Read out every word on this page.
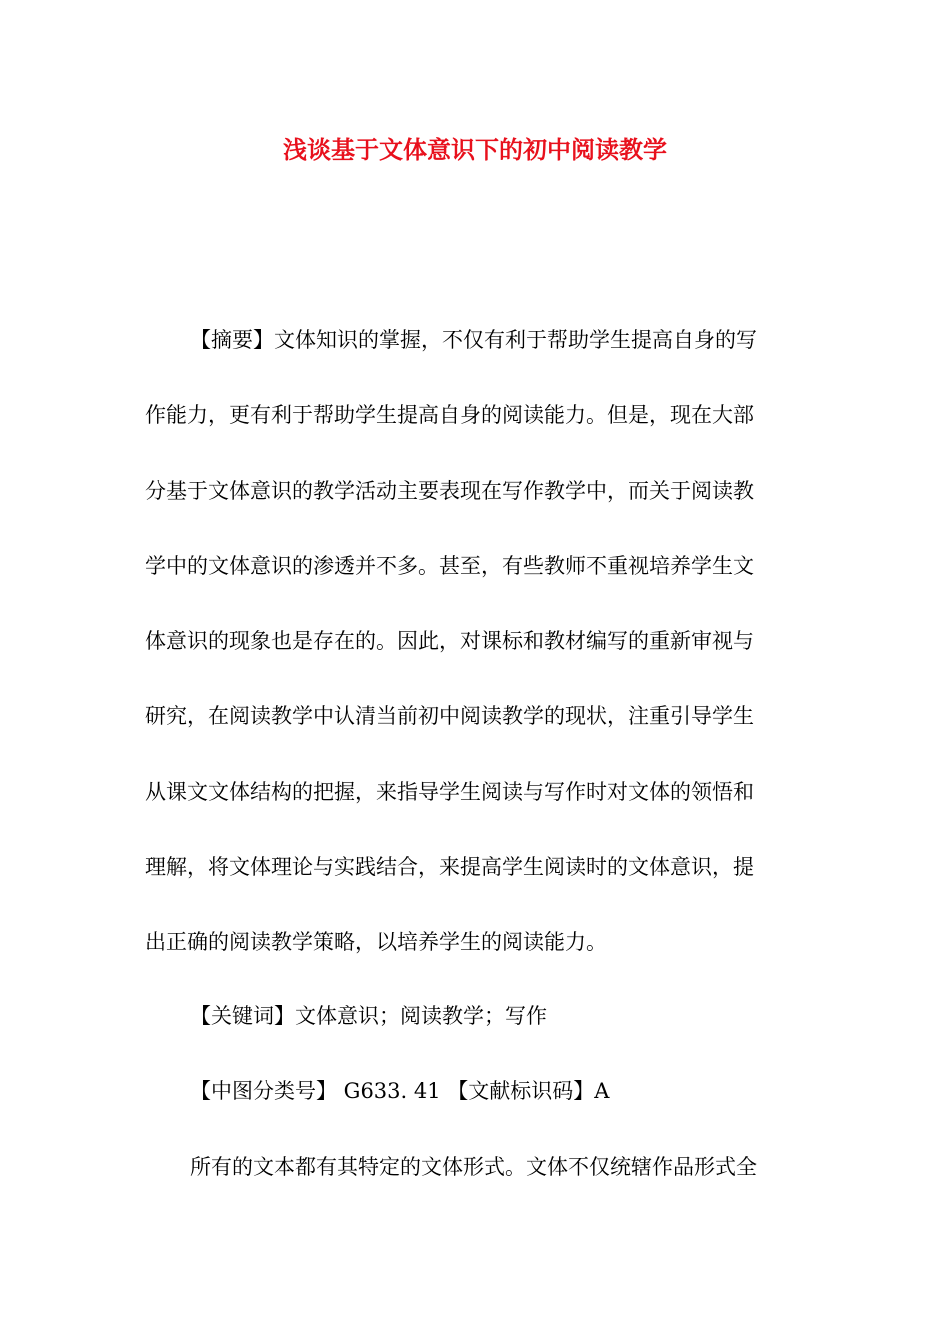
浅谈基于文体意识下的初中阅读教学

【摘要】文体知识的掌握，不仅有利于帮助学生提高自身的写

作能力，更有利于帮助学生提高自身的阅读能力。但是，现在大部

分基于文体意识的教学活动主要表现在写作教学中，而关于阅读教

学中的文体意识的渗透并不多。甚至，有些教师不重视培养学生文

体意识的现象也是存在的。因此，对课标和教材编写的重新审视与

研究，在阅读教学中认清当前初中阅读教学的现状，注重引导学生

从课文文体结构的把握，来指导学生阅读与写作时对文体的领悟和

理解，将文体理论与实践结合，来提高学生阅读时的文体意识，提

出正确的阅读教学策略，以培养学生的阅读能力。

【关键词】文体意识；阅读教学；写作

【中图分类号】 G633. 41 【文献标识码】A

所有的文本都有其特定的文体形式。文体不仅统辖作品形式全
